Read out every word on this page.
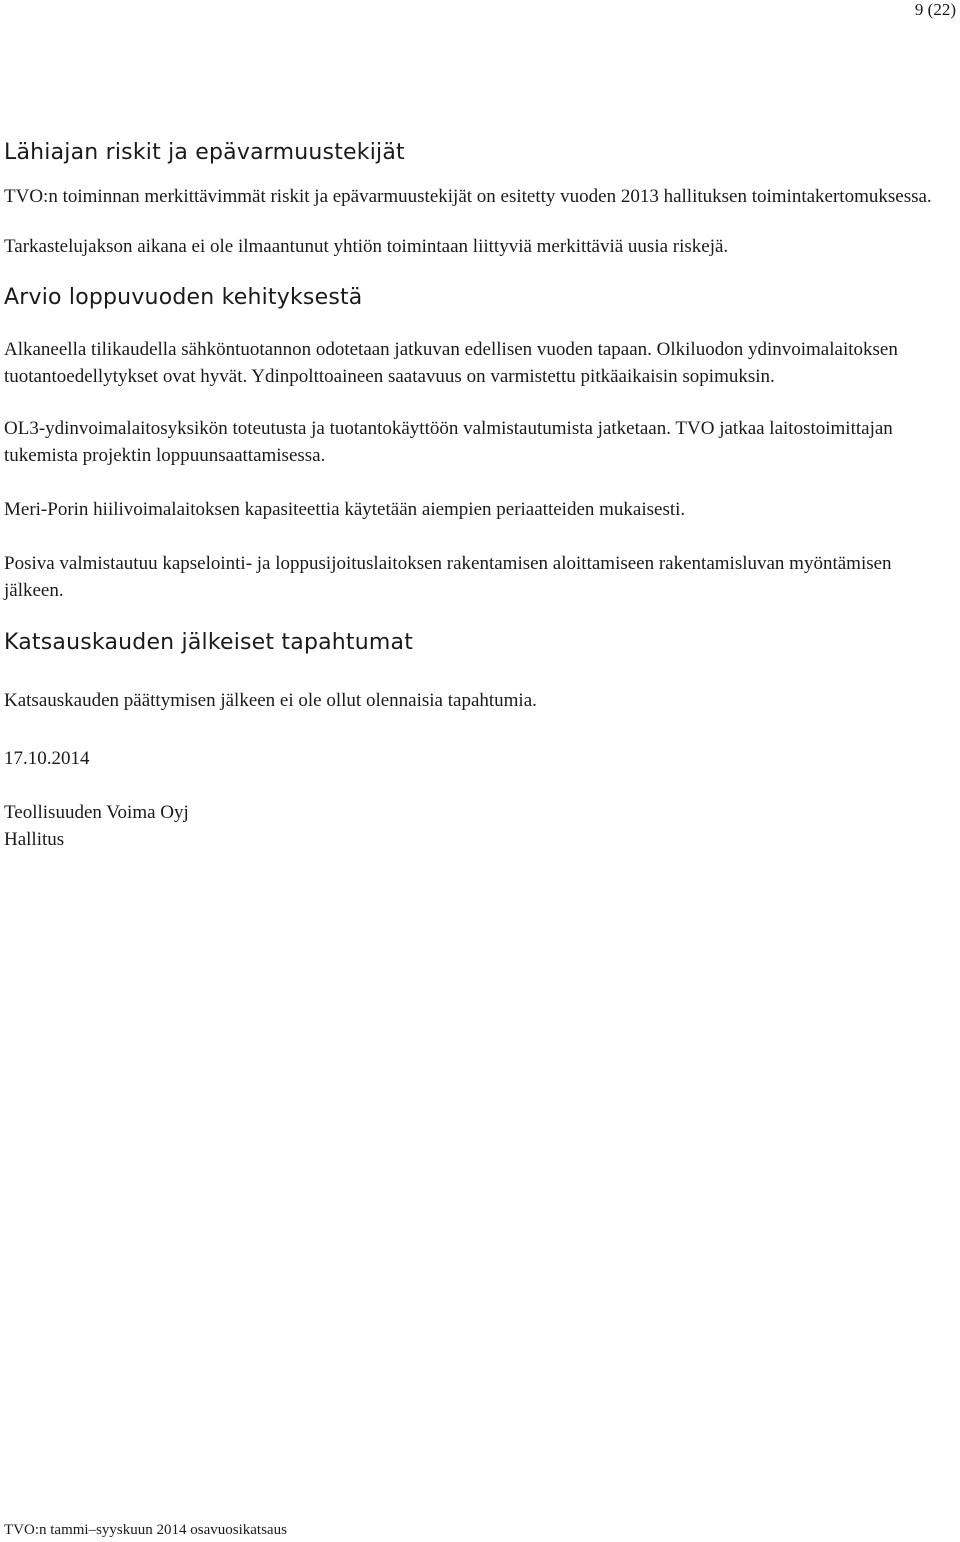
9 (22)
Lähiajan riskit ja epävarmuustekijät

TVO:n toiminnan merkittävimmät riskit ja epävarmuustekijät on esitetty vuoden 2013 hallituksen toimintakertomuksessa.

Tarkastelujakson aikana ei ole ilmaantunut yhtiön toimintaan liittyviä merkittäviä uusia riskejä.

Arvio loppuvuoden kehityksestä

Alkaneella tilikaudella sähköntuotannon odotetaan jatkuvan edellisen vuoden tapaan. Olkiluodon ydinvoimalaitoksen tuotantoedellytykset ovat hyvät. Ydinpolttoaineen saatavuus on varmistettu pitkäaikaisin sopimuksin.

OL3-ydinvoimalaitosyksikön toteutusta ja tuotantokäyttöön valmistautumista jatketaan. TVO jatkaa laitostoimittajan tukemista projektin loppuunsaattamisessa.

Meri-Porin hiilivoimalaitoksen kapasiteettia käytetään aiempien periaatteiden mukaisesti.

Posiva valmistautuu kapselointi- ja loppusijoituslaitoksen rakentamisen aloittamiseen rakentamisluvan myöntämisen jälkeen.

Katsauskauden jälkeiset tapahtumat

Katsauskauden päättymisen jälkeen ei ole ollut olennaisia tapahtumia.

17.10.2014

Teollisuuden Voima Oyj

Hallitus

TVO:n tammi–syyskuun 2014 osavuosikatsaus
